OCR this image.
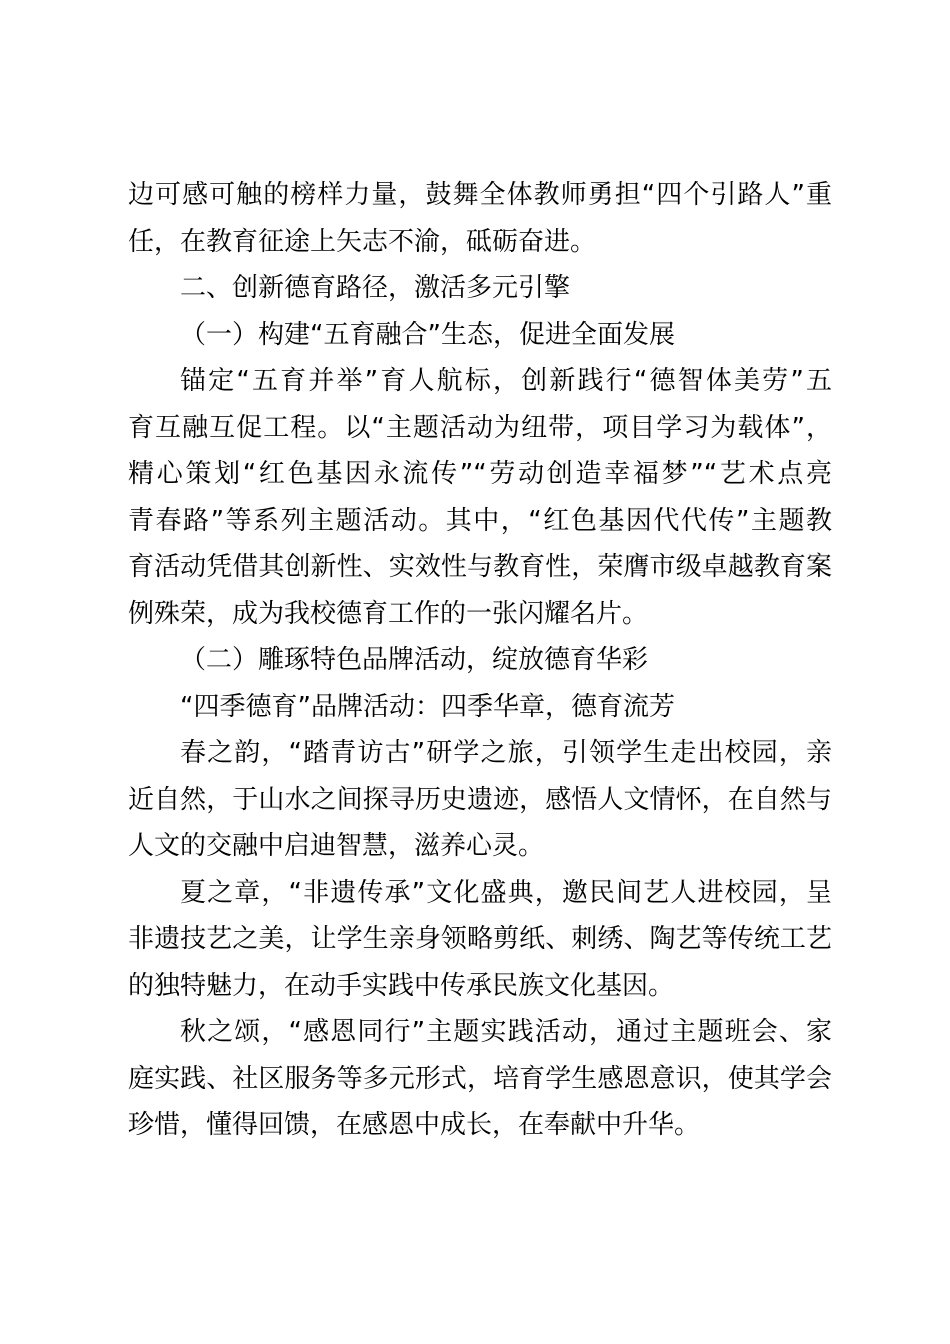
边可感可触的榜样力量，鼓舞全体教师勇担“四个引路人”重
任，在教育征途上矢志不渝，砥砺奋进。
二、创新德育路径，激活多元引擎
（一）构建“五育融合”生态，促进全面发展
锚定“五育并举”育人航标，创新践行“德智体美劳”五
育互融互促工程。以“主题活动为纽带，项目学习为载体”，
精心策划“红色基因永流传”“劳动创造幸福梦”“艺术点亮
青春路”等系列主题活动。其中，“红色基因代代传”主题教
育活动凭借其创新性、实效性与教育性，荣膺市级卓越教育案
例殊荣，成为我校德育工作的一张闪耀名片。
（二）雕琢特色品牌活动，绽放德育华彩
“四季德育”品牌活动：四季华章，德育流芳
春之韵，“踏青访古”研学之旅，引领学生走出校园，亲
近自然，于山水之间探寻历史遗迹，感悟人文情怀，在自然与
人文的交融中启迪智慧，滋养心灵。
夏之章，“非遗传承”文化盛典，邀民间艺人进校园，呈
非遗技艺之美，让学生亲身领略剪纸、刺绣、陶艺等传统工艺
的独特魅力，在动手实践中传承民族文化基因。
秋之颂，“感恩同行”主题实践活动，通过主题班会、家
庭实践、社区服务等多元形式，培育学生感恩意识，使其学会
珍惜，懂得回馈，在感恩中成长，在奉献中升华。
